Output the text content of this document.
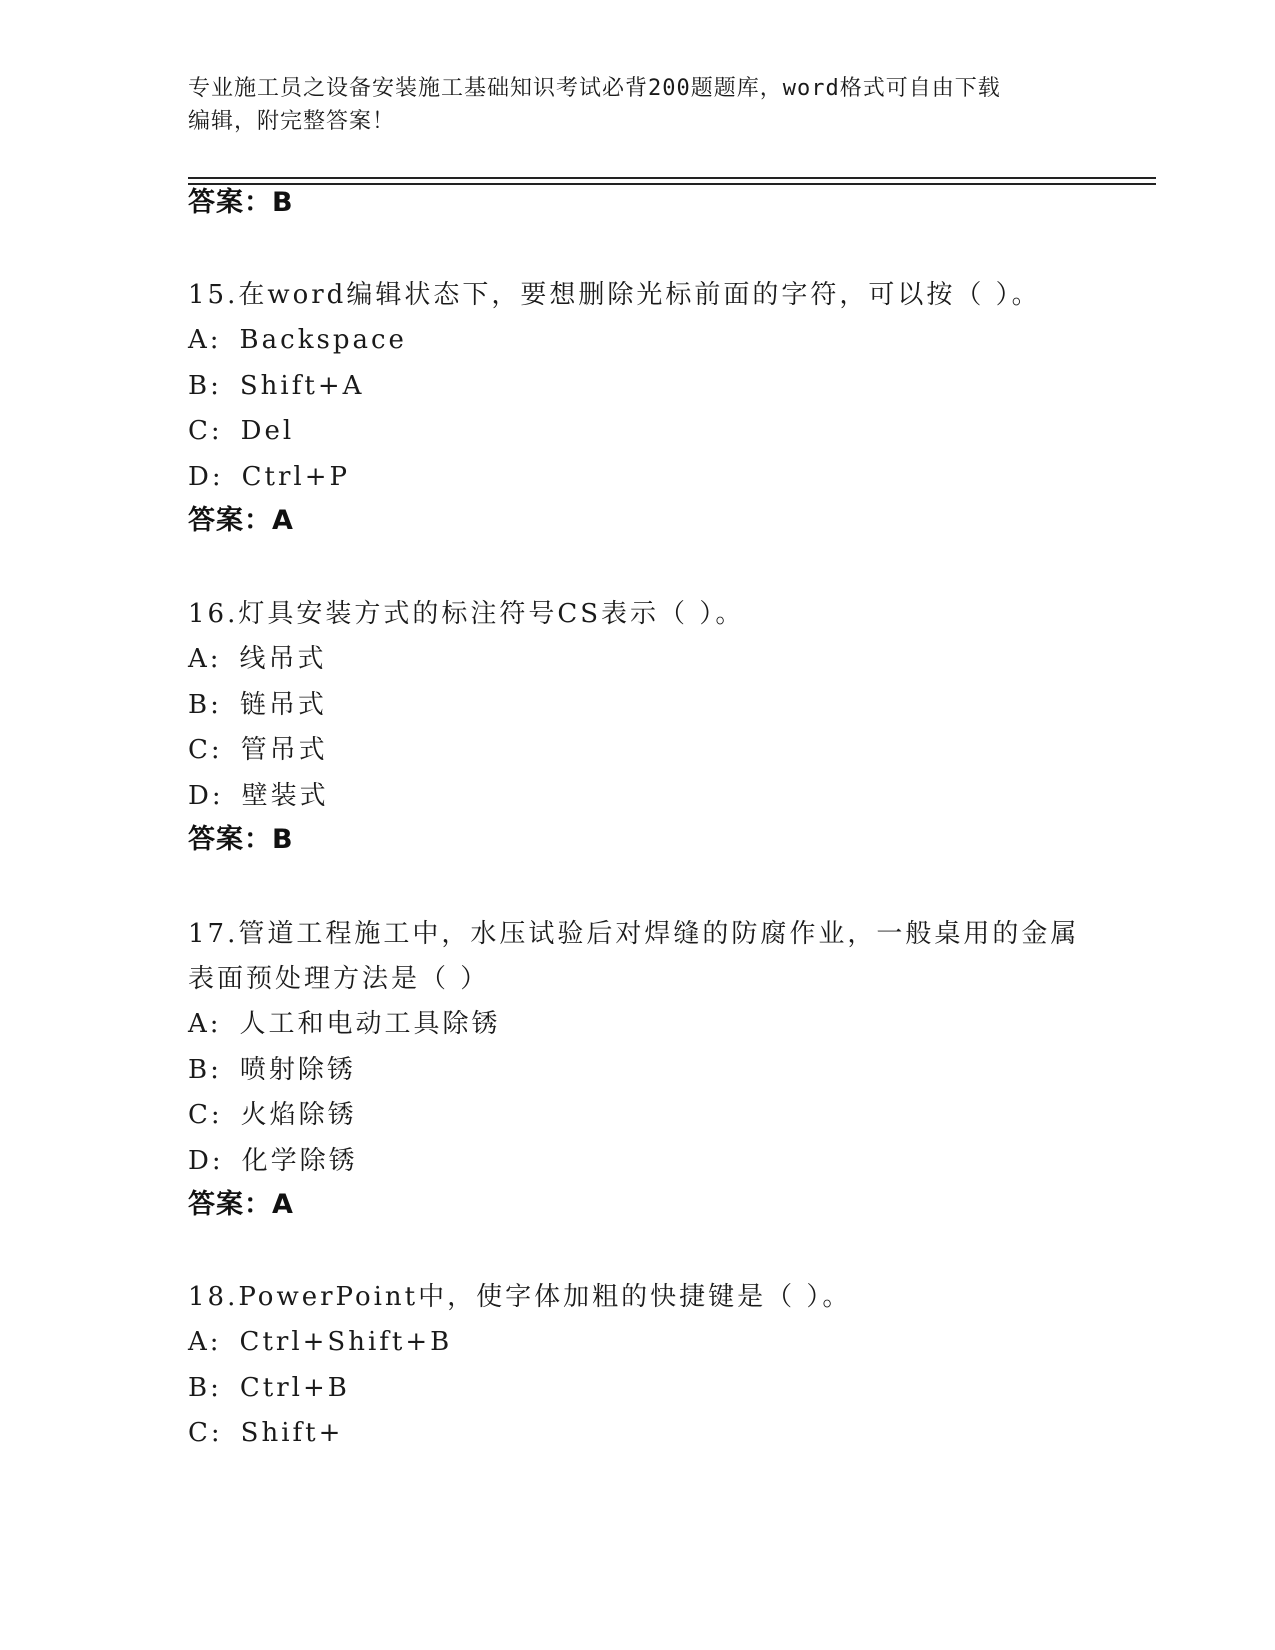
专业施工员之设备安装施工基础知识考试必背200题题库，word格式可自由下载
编辑，附完整答案！
答案：B
15.在word编辑状态下，要想删除光标前面的字符，可以按（ ）。
A: Backspace
B: Shift+A
C: Del
D: Ctrl+P
答案：A
16.灯具安装方式的标注符号CS表示（ ）。
A: 线吊式
B: 链吊式
C: 管吊式
D: 壁装式
答案：B
17.管道工程施工中，水压试验后对焊缝的防腐作业，一般桌用的金属
表面预处理方法是（ ）
A: 人工和电动工具除锈
B: 喷射除锈
C: 火焰除锈
D: 化学除锈
答案：A
18.PowerPoint中，使字体加粗的快捷键是（ ）。
A: Ctrl+Shift+B
B: Ctrl+B
C: Shift+
